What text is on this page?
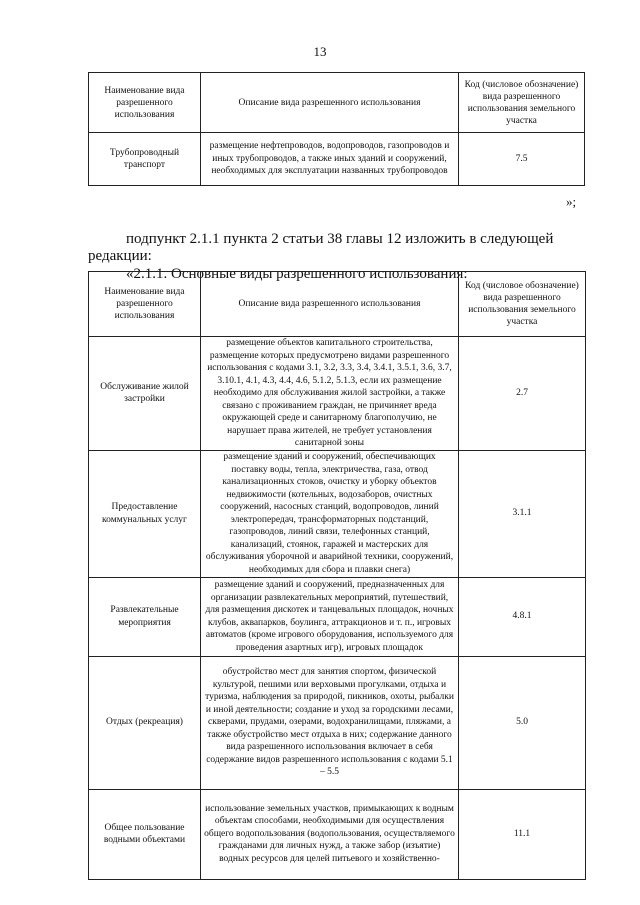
13
Наименование вида разрешенного использования	Описание вида разрешенного использования	Код (числовое обозначение) вида разрешенного использования земельного участка
Трубопроводный транспорт	размещение нефтепроводов, водопроводов, газопроводов и иных трубопроводов, а также иных зданий и сооружений, необходимых для эксплуатации названных трубопроводов	7.5
»;
подпункт 2.1.1 пункта 2 статьи 38 главы 12 изложить в следующей
редакции:
«2.1.1. Основные виды разрешенного использования:
Наименование вида разрешенного использования	Описание вида разрешенного использования	Код (числовое обозначение) вида разрешенного использования земельного участка
Обслуживание жилой застройки	размещение объектов капитального строительства, размещение которых предусмотрено видами разрешенного использования с кодами 3.1, 3.2, 3.3, 3.4, 3.4.1, 3.5.1, 3.6, 3.7, 3.10.1, 4.1, 4.3, 4.4, 4.6, 5.1.2, 5.1.3, если их размещение необходимо для обслуживания жилой застройки, а также связано с проживанием граждан, не причиняет вреда окружающей среде и санитарному благополучию, не нарушает права жителей, не требует установления санитарной зоны	2.7
Предоставление коммунальных услуг	размещение зданий и сооружений, обеспечивающих поставку воды, тепла, электричества, газа, отвод канализационных стоков, очистку и уборку объектов недвижимости (котельных, водозаборов, очистных сооружений, насосных станций, водопроводов, линий электропередач, трансформаторных подстанций, газопроводов, линий связи, телефонных станций, канализаций, стоянок, гаражей и мастерских для обслуживания уборочной и аварийной техники, сооружений, необходимых для сбора и плавки снега)	3.1.1
Развлекательные мероприятия	размещение зданий и сооружений, предназначенных для организации развлекательных мероприятий, путешествий, для размещения дискотек и танцевальных площадок, ночных клубов, аквапарков, боулинга, аттракционов и т. п., игровых автоматов (кроме игрового оборудования, используемого для проведения азартных игр), игровых площадок	4.8.1
Отдых (рекреация)	обустройство мест для занятия спортом, физической культурой, пешими или верховыми прогулками, отдыха и туризма, наблюдения за природой, пикников, охоты, рыбалки и иной деятельности; создание и уход за городскими лесами, скверами, прудами, озерами, водохранилищами, пляжами, а также обустройство мест отдыха в них; содержание данного вида разрешенного использования включает в себя содержание видов разрешенного использования с кодами 5.1 – 5.5	5.0
Общее пользование водными объектами	использование земельных участков, примыкающих к водным объектам способами, необходимыми для осуществления общего водопользования (водопользования, осуществляемого гражданами для личных нужд, а также забор (изъятие) водных ресурсов для целей питьевого и хозяйственно-	11.1
